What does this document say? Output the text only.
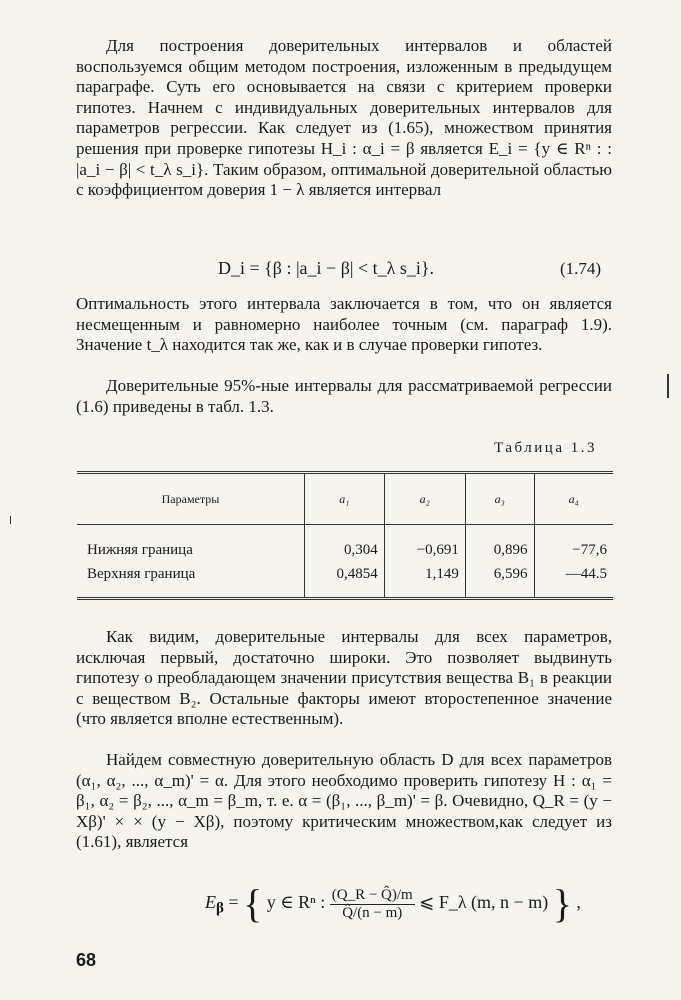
Для построения доверительных интервалов и областей воспользуемся общим методом построения, изложенным в предыдущем параграфе. Суть его основывается на связи с критерием проверки гипотез. Начнем с индивидуальных доверительных интервалов для параметров регрессии. Как следует из (1.65), множеством принятия решения при проверке гипотезы H_i : α_i = β является E_i = {y ∈ Rⁿ : : |a_i − β| < t_λ s_i}. Таким образом, оптимальной доверительной областью с коэффициентом доверия 1 − λ является интервал

D_i = {β : |a_i − β| < t_λ s_i}.	(1.74)

Оптимальность этого интервала заключается в том, что он является несмещенным и равномерно наиболее точным (см. параграф 1.9). Значение t_λ находится так же, как и в случае проверки гипотез.

Доверительные 95%-ные интервалы для рассматриваемой регрессии (1.6) приведены в табл. 1.3.

Таблица 1.3
Параметры	a₁	a₂	a₃	a₄
Нижняя граница	0,304	−0,691	0,896	−77,6
Верхняя граница	0,4854	1,149	6,596	—44.5

Как видим, доверительные интервалы для всех параметров, исключая первый, достаточно широки. Это позволяет выдвинуть гипотезу о преобладающем значении присутствия вещества B₁ в реакции с веществом B₂. Остальные факторы имеют второстепенное значение (что является вполне естественным).

Найдем совместную доверительную область D для всех параметров (α₁, α₂, ..., α_m)' = α. Для этого необходимо проверить гипотезу H : α₁ = β₁, α₂ = β₂, ..., α_m = β_m, т. е. α = (β₁, ..., β_m)' = β. Очевидно, Q_R = (y − Xβ)' × × (y − Xβ), поэтому критическим множеством,как следует из (1.61), является

$E_\beta$ = { y ∈ Rⁿ : $\frac{(Q\_R - Q̂)/m}{Q̂/(n - m)}$ ⩽ F_λ (m, n − m) } ,
68
